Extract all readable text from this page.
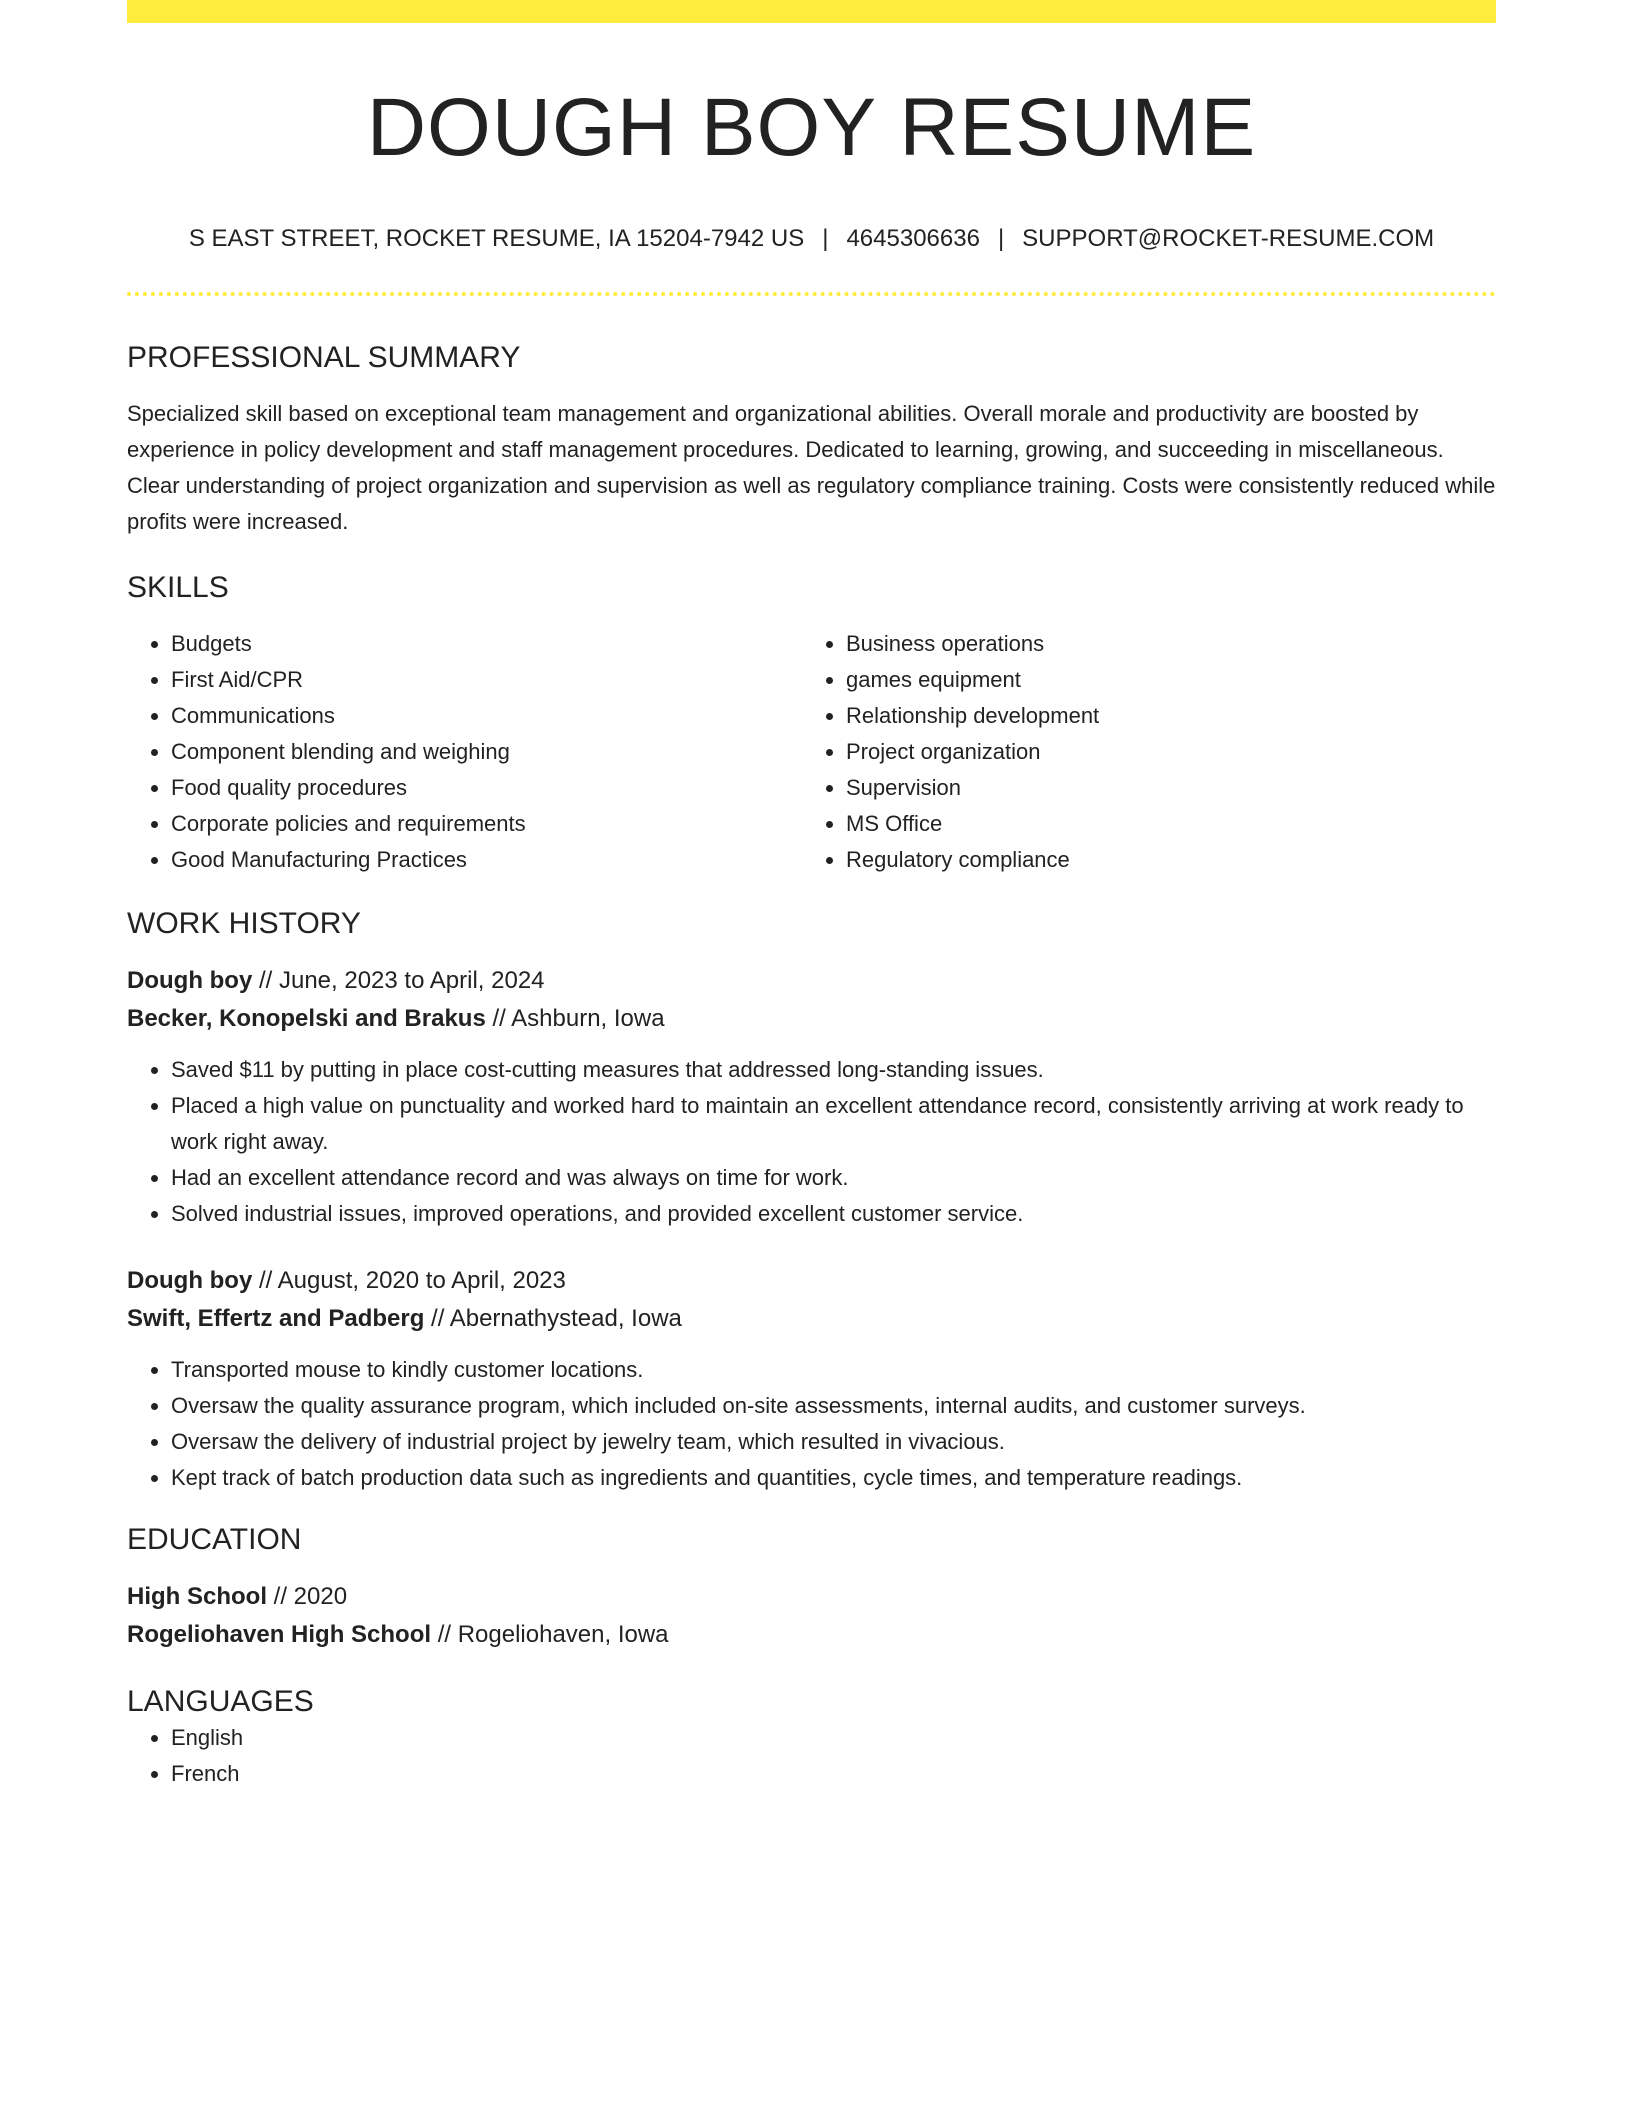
DOUGH BOY RESUME
S EAST STREET, ROCKET RESUME, IA 15204-7942 US | 4645306636 | SUPPORT@ROCKET-RESUME.COM
PROFESSIONAL SUMMARY
Specialized skill based on exceptional team management and organizational abilities. Overall morale and productivity are boosted by experience in policy development and staff management procedures. Dedicated to learning, growing, and succeeding in miscellaneous. Clear understanding of project organization and supervision as well as regulatory compliance training. Costs were consistently reduced while profits were increased.
SKILLS
• Budgets
• First Aid/CPR
• Communications
• Component blending and weighing
• Food quality procedures
• Corporate policies and requirements
• Good Manufacturing Practices
• Business operations
• games equipment
• Relationship development
• Project organization
• Supervision
• MS Office
• Regulatory compliance
WORK HISTORY
Dough boy // June, 2023 to April, 2024
Becker, Konopelski and Brakus // Ashburn, Iowa
• Saved $11 by putting in place cost-cutting measures that addressed long-standing issues.
• Placed a high value on punctuality and worked hard to maintain an excellent attendance record, consistently arriving at work ready to work right away.
• Had an excellent attendance record and was always on time for work.
• Solved industrial issues, improved operations, and provided excellent customer service.
Dough boy // August, 2020 to April, 2023
Swift, Effertz and Padberg // Abernathystead, Iowa
• Transported mouse to kindly customer locations.
• Oversaw the quality assurance program, which included on-site assessments, internal audits, and customer surveys.
• Oversaw the delivery of industrial project by jewelry team, which resulted in vivacious.
• Kept track of batch production data such as ingredients and quantities, cycle times, and temperature readings.
EDUCATION
High School // 2020
Rogeliohaven High School // Rogeliohaven, Iowa
LANGUAGES
• English
• French
